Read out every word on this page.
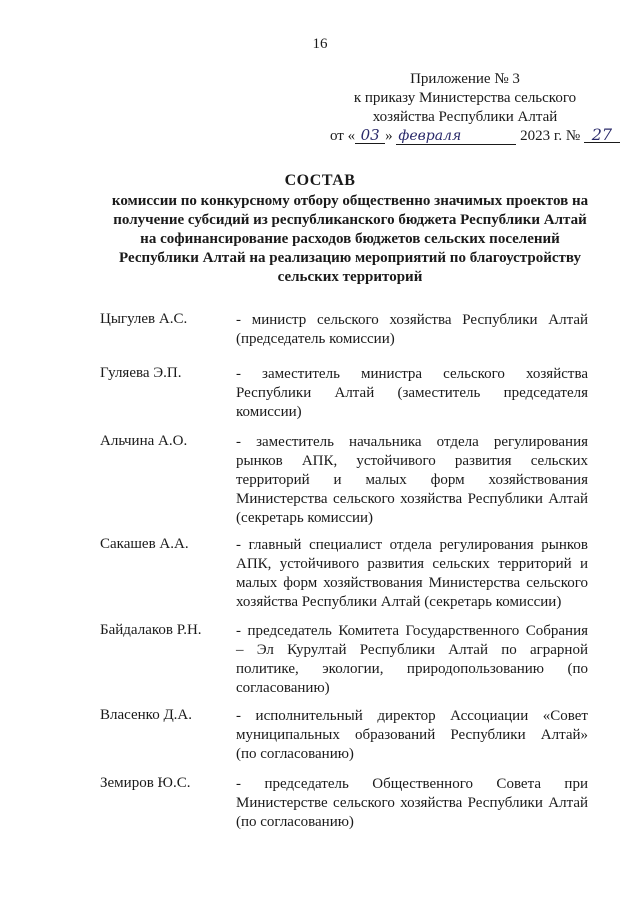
16
Приложение № 3
к приказу Министерства сельского
хозяйства Республики Алтай
от « 03 » февраля	2023 г. № 27
СОСТАВ
комиссии по конкурсному отбору общественно значимых проектов на
получение субсидий из республиканского бюджета Республики Алтай
на софинансирование расходов бюджетов сельских поселений
Республики Алтай на реализацию мероприятий по благоустройству
сельских территорий
Цыгулев А.С.	- министр сельского хозяйства Республики Алтай
(председатель комиссии)
Гуляева Э.П.	- заместитель министра сельского хозяйства
Республики Алтай (заместитель председателя
комиссии)
Альчина А.О.	- заместитель начальника отдела регулирования
рынков АПК, устойчивого развития сельских
территорий и малых форм хозяйствования
Министерства сельского хозяйства Республики Алтай
(секретарь комиссии)
Сакашев А.А.	- главный специалист отдела регулирования рынков
АПК, устойчивого развития сельских территорий и
малых форм хозяйствования Министерства сельского
хозяйства Республики Алтай (секретарь комиссии)
Байдалаков Р.Н.	- председатель Комитета Государственного Собрания
– Эл Курултай Республики Алтай по аграрной
политике, экологии, природопользованию (по
согласованию)
Власенко Д.А.	- исполнительный директор Ассоциации «Совет
муниципальных образований Республики Алтай»
(по согласованию)
Земиров Ю.С.	- председатель Общественного Совета при
Министерстве сельского хозяйства Республики Алтай
(по согласованию)
